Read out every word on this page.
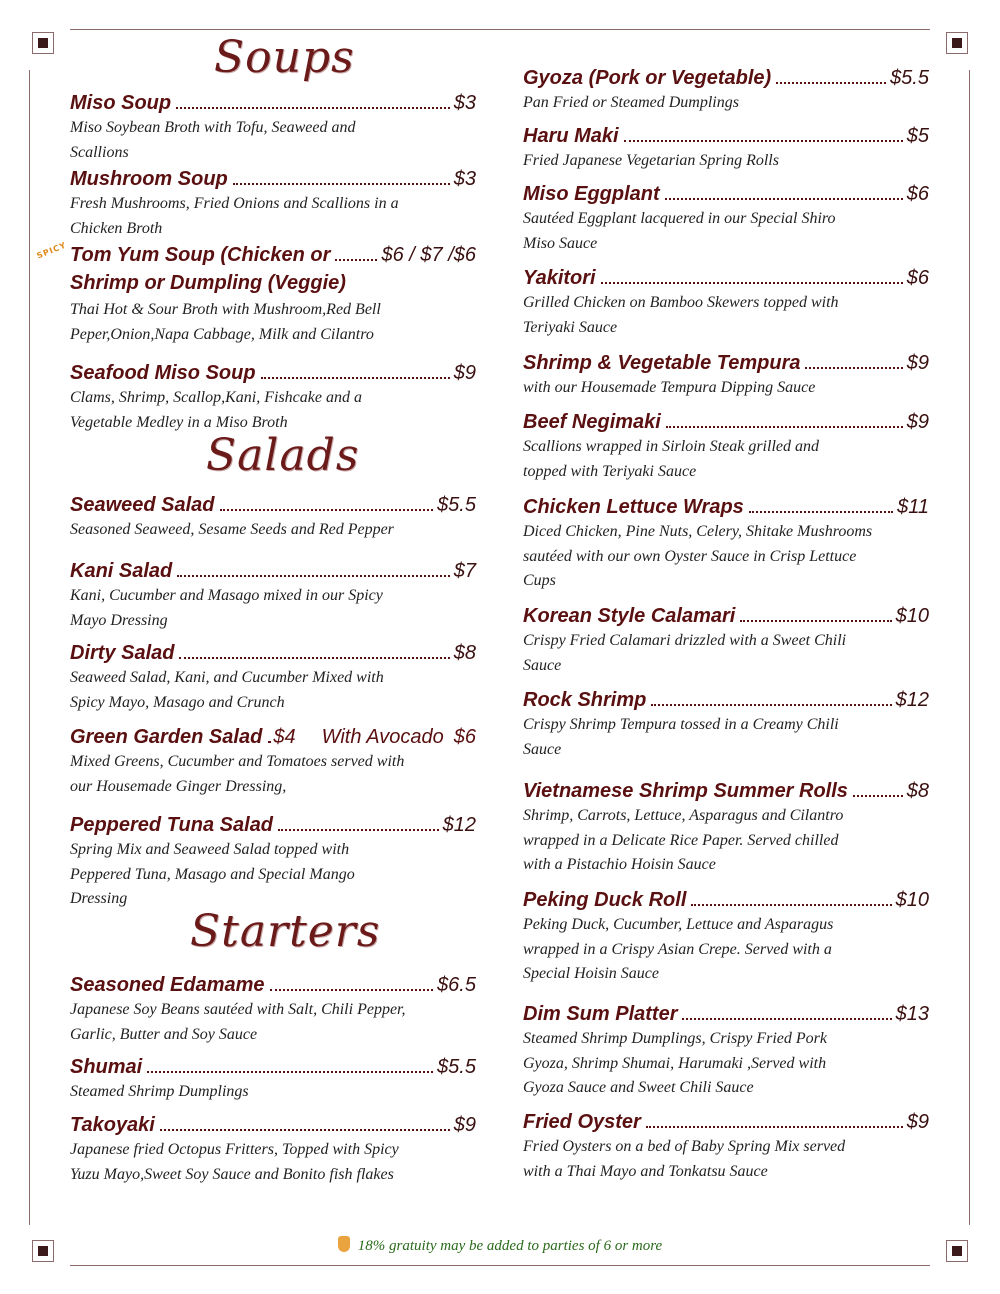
Soups
Salads
Starters
SPICY
Miso Soup	$3
Miso Soybean Broth with Tofu, Seaweed and Scallions
Mushroom Soup	$3
Fresh Mushrooms, Fried Onions and Scallions in a Chicken Broth
Tom Yum Soup (Chicken or	$6 / $7 /$6
Shrimp or Dumpling (Veggie)
Thai Hot & Sour Broth with Mushroom,Red Bell Peper,Onion,Napa Cabbage, Milk and Cilantro
Seafood Miso Soup	$9
Clams, Shrimp, Scallop,Kani, Fishcake and a Vegetable Medley in a Miso Broth
Seaweed Salad	$5.5
Seasoned Seaweed, Sesame Seeds and Red Pepper
Kani Salad	$7
Kani, Cucumber and Masago mixed in our Spicy Mayo Dressing
Dirty Salad	$8
Seaweed Salad, Kani, and Cucumber Mixed with Spicy Mayo, Masago and Crunch
Green Garden Salad $4 With Avocado $6
Mixed Greens, Cucumber and Tomatoes served with our Housemade Ginger Dressing,
Peppered Tuna Salad	$12
Spring Mix and Seaweed Salad topped with Peppered Tuna, Masago and Special Mango Dressing
Seasoned Edamame	$6.5
Japanese Soy Beans sautéed with Salt, Chili Pepper, Garlic, Butter and Soy Sauce
Shumai	$5.5
Steamed Shrimp Dumplings
Takoyaki	$9
Japanese fried Octopus Fritters, Topped with Spicy Yuzu Mayo,Sweet Soy Sauce and Bonito fish flakes
Gyoza (Pork or Vegetable)	$5.5
Pan Fried or Steamed Dumplings
Haru Maki	$5
Fried Japanese Vegetarian Spring Rolls
Miso Eggplant	$6
Sautéed Eggplant lacquered in our Special Shiro Miso Sauce
Yakitori	$6
Grilled Chicken on Bamboo Skewers topped with Teriyaki Sauce
Shrimp & Vegetable Tempura	$9
with our Housemade Tempura Dipping Sauce
Beef Negimaki	$9
Scallions wrapped in Sirloin Steak grilled and topped with Teriyaki Sauce
Chicken Lettuce Wraps	$11
Diced Chicken, Pine Nuts, Celery, Shitake Mushrooms sautéed with our own Oyster Sauce in Crisp Lettuce Cups
Korean Style Calamari	$10
Crispy Fried Calamari drizzled with a Sweet Chili Sauce
Rock Shrimp	$12
Crispy Shrimp Tempura tossed in a Creamy Chili Sauce
Vietnamese Shrimp Summer Rolls	$8
Shrimp, Carrots, Lettuce, Asparagus and Cilantro wrapped in a Delicate Rice Paper. Served chilled with a Pistachio Hoisin Sauce
Peking Duck Roll	$10
Peking Duck, Cucumber, Lettuce and Asparagus wrapped in a Crispy Asian Crepe. Served with a Special Hoisin Sauce
Dim Sum Platter	$13
Steamed Shrimp Dumplings, Crispy Fried Pork Gyoza, Shrimp Shumai, Harumaki ,Served with Gyoza Sauce and Sweet Chili Sauce
Fried Oyster	$9
Fried Oysters on a bed of Baby Spring Mix served with a Thai Mayo and Tonkatsu Sauce
18% gratuity may be added to parties of 6 or more
